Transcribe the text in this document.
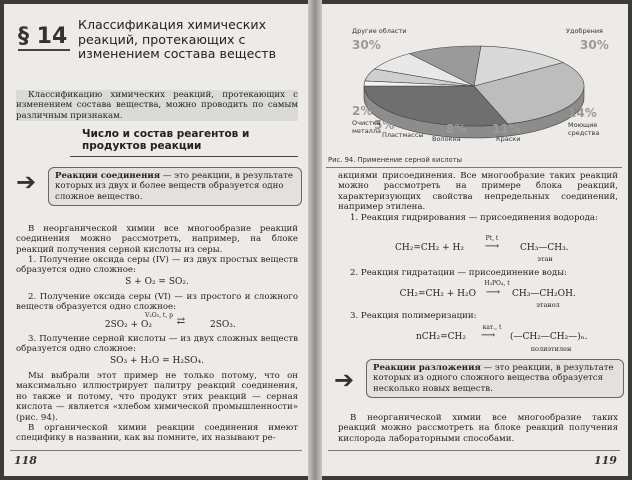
§ 14 Классификация химических реакций, протекающих с изменением состава веществ

Классификацию химических реакций, протекающих с изменением состава вещества, можно проводить по самым различным признакам.

Число и состав реагентов и продуктов реакции
➔	Реакции соединения — это реакции, в результате которых из двух и более веществ образуется одно сложное вещество.

В неорганической химии все многообразие реакций соединения можно рассмотреть, например, на блоке реакций получения серной кислоты из серы.

1. Получение оксида серы (IV) — из двух простых веществ образуется одно сложное:

S + O₂ = SO₂.

2. Получение оксида серы (VI) — из простого и сложного веществ образуется одно сложное:

V₂O₅, t, p
2SO₂ + O₂	⇄	2SO₃.

3. Получение серной кислоты — из двух сложных веществ образуется одно сложное:

SO₃ + H₂O = H₂SO₄.

Мы выбрали этот пример не только потому, что он максимально иллюстрирует палитру реакций соединения, но также и потому, что продукт этих реакций — серная кислота — является «хлебом химической промышленности» (рис. 94).

В органической химии реакции соединения имеют специфику в названии, как вы помните, их называют ре-

118
Другие области
30%
Удобрения
30%
14%
Моющие средства
11%
Краски
8%
Волокна
5%
Пластмассы
2%
Очистка металла
Рис. 94. Применение серной кислоты

акциями присоединения. Все многообразие таких реакций можно рассмотреть на примере блока реакций, характеризующих свойства непредельных соединений, например этилена.

1. Реакция гидрирования — присоединения водорода:

Pt, t
CH₂=CH₂ + H₂	⟶	CH₃—CH₃.
этан

2. Реакция гидратации — присоединение воды:

H₃PO₄, t
CH₂=CH₂ + H₂O ⟶	CH₃—CH₂OH.
этанол

3. Реакция полимеризации:

кат., t
nCH₂=CH₂	⟶	(—CH₂—CH₂—)ₙ.
полиэтилен
➔	Реакции разложения — это реакции, в результате которых из одного сложного вещества образуется несколько новых веществ.

В неорганической химии все многообразие таких реакций можно рассмотреть на блоке реакций получения кислорода лабораторными способами.

119
